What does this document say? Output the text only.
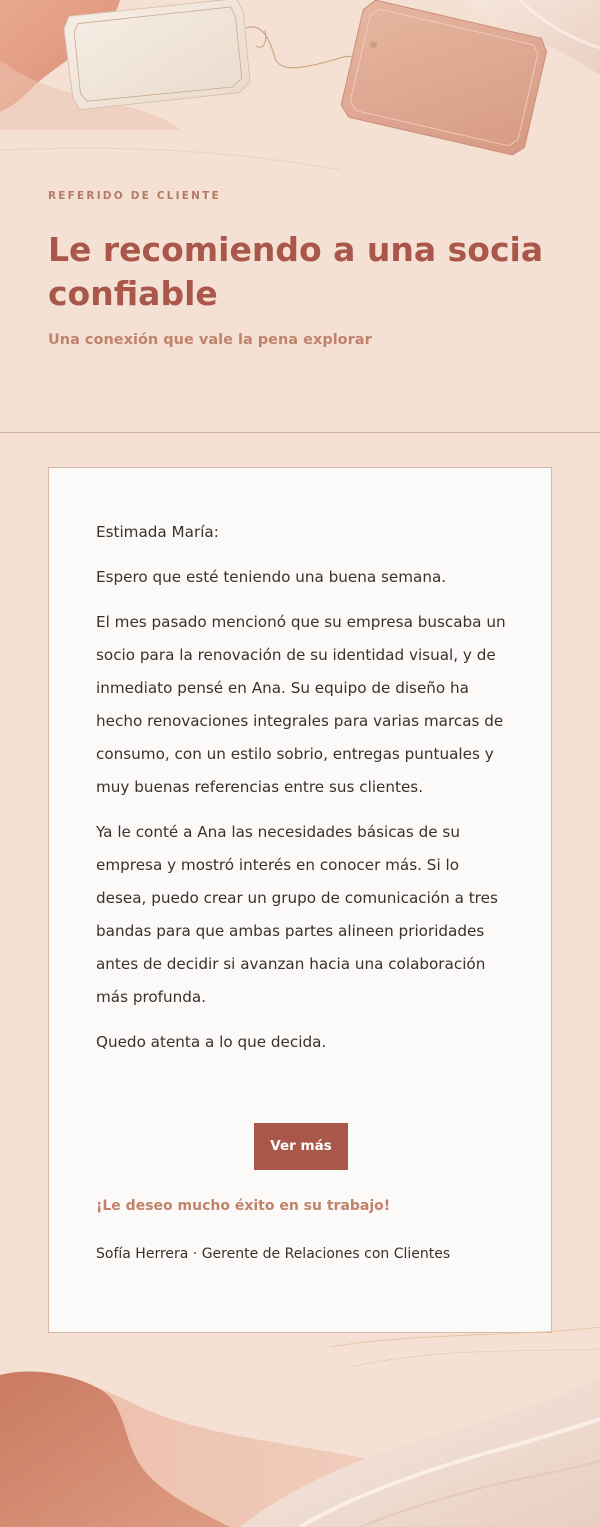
REFERIDO DE CLIENTE
Le recomiendo a una socia confiable
Una conexión que vale la pena explorar

Estimada María:

Espero que esté teniendo una buena semana.

El mes pasado mencionó que su empresa buscaba un socio para la renovación de su identidad visual, y de inmediato pensé en Ana. Su equipo de diseño ha hecho renovaciones integrales para varias marcas de consumo, con un estilo sobrio, entregas puntuales y muy buenas referencias entre sus clientes.

Ya le conté a Ana las necesidades básicas de su empresa y mostró interés en conocer más. Si lo desea, puedo crear un grupo de comunicación a tres bandas para que ambas partes alineen prioridades antes de decidir si avanzan hacia una colaboración más profunda.

Quedo atenta a lo que decida.

Ver más
¡Le deseo mucho éxito en su trabajo!
Sofía Herrera · Gerente de Relaciones con Clientes
